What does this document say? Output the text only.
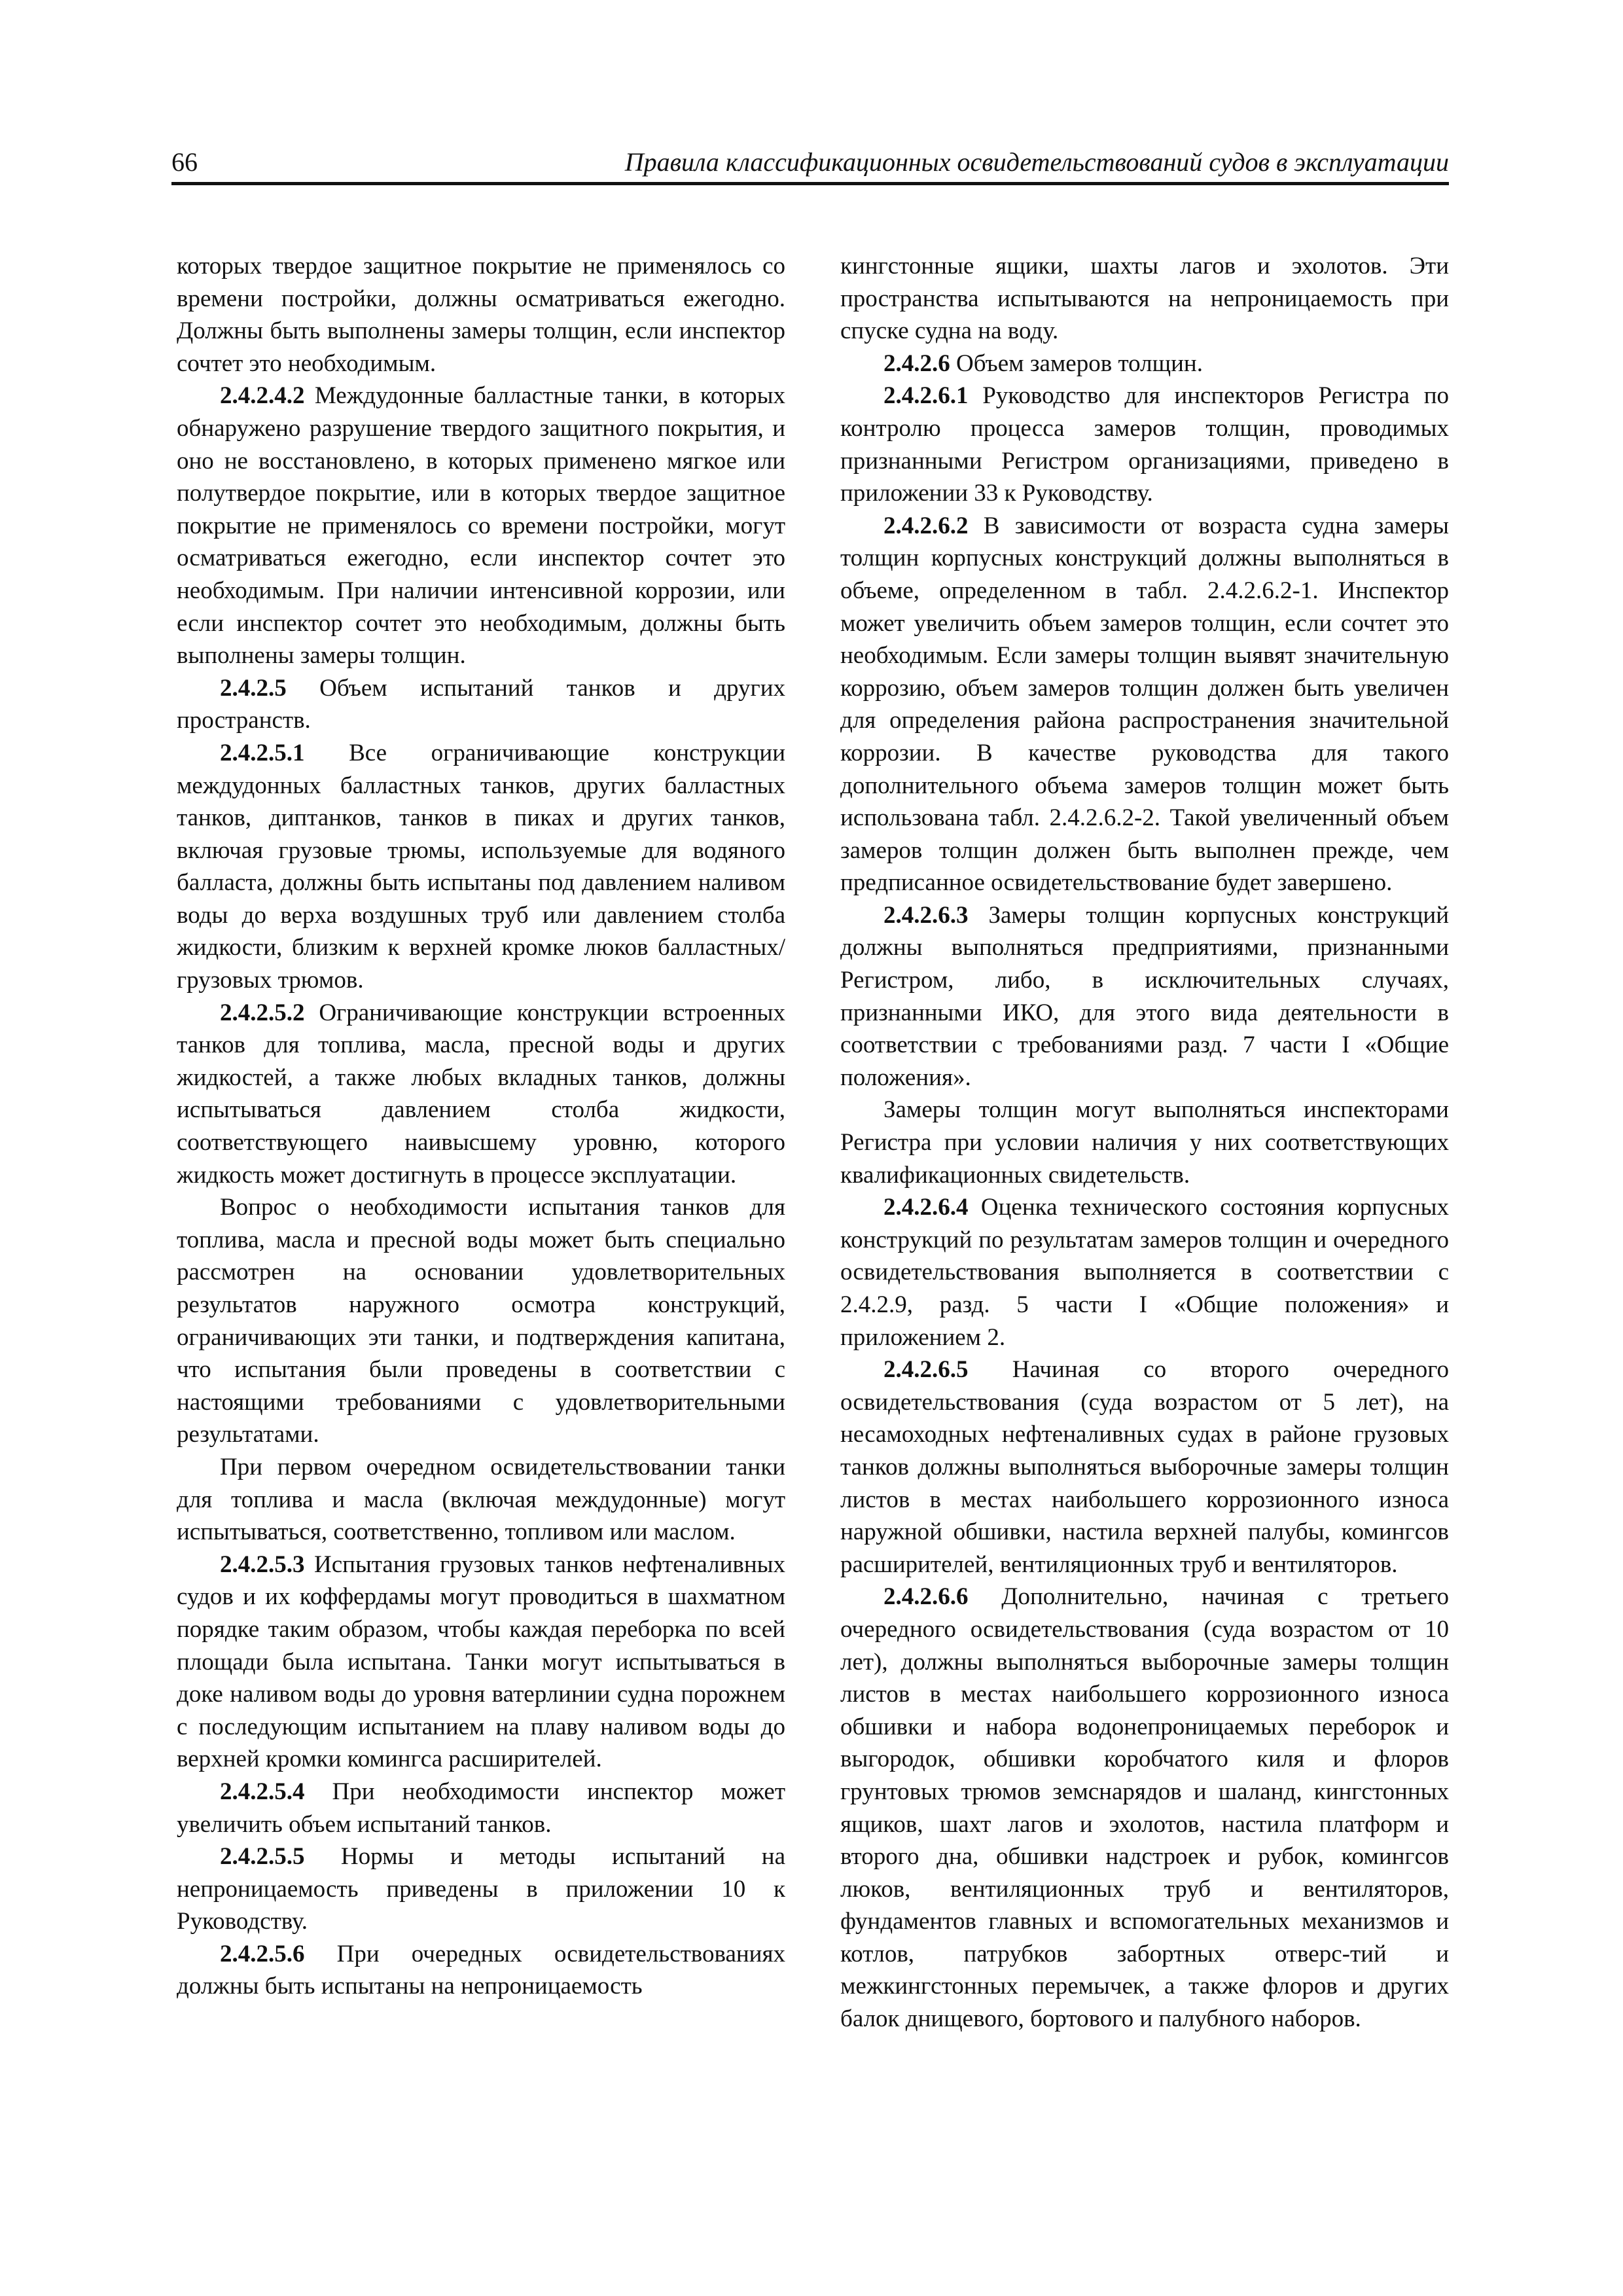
66	Правила классификационных освидетельствований судов в эксплуатации

которых твердое защитное покрытие не применялось со времени постройки, должны осматриваться ежегодно. Должны быть выполнены замеры толщин, если инспектор сочтет это необходимым.

2.4.2.4.2 Междудонные балластные танки, в которых обнаружено разрушение твердого защитного покрытия, и оно не восстановлено, в которых применено мягкое или полутвердое покрытие, или в которых твердое защитное покрытие не применялось со времени постройки, могут осматриваться ежегодно, если инспектор сочтет это необходимым. При наличии интенсивной коррозии, или если инспектор сочтет это необходимым, должны быть выполнены замеры толщин.

2.4.2.5 Объем испытаний танков и других пространств.

2.4.2.5.1 Все ограничивающие конструкции междудонных балластных танков, других балластных танков, диптанков, танков в пиках и других танков, включая грузовые трюмы, используемые для водяного балласта, должны быть испытаны под давлением наливом воды до верха воздушных труб или давлением столба жидкости, близким к верхней кромке люков балластных/грузовых трюмов.

2.4.2.5.2 Ограничивающие конструкции встроенных танков для топлива, масла, пресной воды и других жидкостей, а также любых вкладных танков, должны испытываться давлением столба жидкости, соответствующего наивысшему уровню, которого жидкость может достигнуть в процессе эксплуатации.

Вопрос о необходимости испытания танков для топлива, масла и пресной воды может быть специально рассмотрен на основании удовлетворительных результатов наружного осмотра конструкций, ограничивающих эти танки, и подтверждения капитана, что испытания были проведены в соответствии с настоящими требованиями с удовлетворительными результатами.

При первом очередном освидетельствовании танки для топлива и масла (включая междудонные) могут испытываться, соответственно, топливом или маслом.

2.4.2.5.3 Испытания грузовых танков нефтеналивных судов и их коффердамы могут проводиться в шахматном порядке таким образом, чтобы каждая переборка по всей площади была испытана. Танки могут испытываться в доке наливом воды до уровня ватерлинии судна порожнем с последующим испытанием на плаву наливом воды до верхней кромки комингса расширителей.

2.4.2.5.4 При необходимости инспектор может увеличить объем испытаний танков.

2.4.2.5.5 Нормы и методы испытаний на непроницаемость приведены в приложении 10 к Руководству.

2.4.2.5.6 При очередных освидетельствованиях должны быть испытаны на непроницаемость

кингстонные ящики, шахты лагов и эхолотов. Эти пространства испытываются на непроницаемость при спуске судна на воду.

2.4.2.6 Объем замеров толщин.

2.4.2.6.1 Руководство для инспекторов Регистра по контролю процесса замеров толщин, проводимых признанными Регистром организациями, приведено в приложении 33 к Руководству.

2.4.2.6.2 В зависимости от возраста судна замеры толщин корпусных конструкций должны выполняться в объеме, определенном в табл. 2.4.2.6.2-1. Инспектор может увеличить объем замеров толщин, если сочтет это необходимым. Если замеры толщин выявят значительную коррозию, объем замеров толщин должен быть увеличен для определения района распространения значительной коррозии. В качестве руководства для такого дополнительного объема замеров толщин может быть использована табл. 2.4.2.6.2-2. Такой увеличенный объем замеров толщин должен быть выполнен прежде, чем предписанное освидетельствование будет завершено.

2.4.2.6.3 Замеры толщин корпусных конструкций должны выполняться предприятиями, признанными Регистром, либо, в исключительных случаях, признанными ИКО, для этого вида деятельности в соответствии с требованиями разд. 7 части I «Общие положения».

Замеры толщин могут выполняться инспекторами Регистра при условии наличия у них соответствующих квалификационных свидетельств.

2.4.2.6.4 Оценка технического состояния корпусных конструкций по результатам замеров толщин и очередного освидетельствования выполняется в соответствии с 2.4.2.9, разд. 5 части I «Общие положения» и приложением 2.

2.4.2.6.5 Начиная со второго очередного освидетельствования (суда возрастом от 5 лет), на несамоходных нефтеналивных судах в районе грузовых танков должны выполняться выборочные замеры толщин листов в местах наибольшего коррозионного износа наружной обшивки, настила верхней палубы, комингсов расширителей, вентиляционных труб и вентиляторов.

2.4.2.6.6 Дополнительно, начиная с третьего очередного освидетельствования (суда возрастом от 10 лет), должны выполняться выборочные замеры толщин листов в местах наибольшего коррозионного износа обшивки и набора водонепроницаемых переборок и выгородок, обшивки коробчатого киля и флоров грунтовых трюмов земснарядов и шаланд, кингстонных ящиков, шахт лагов и эхолотов, настила платформ и второго дна, обшивки надстроек и рубок, комингсов люков, вентиляционных труб и вентиляторов, фундаментов главных и вспомогательных механизмов и котлов, патрубков забортных отверс-тий и межкингстонных перемычек, а также флоров и других балок днищевого, бортового и палубного наборов.
